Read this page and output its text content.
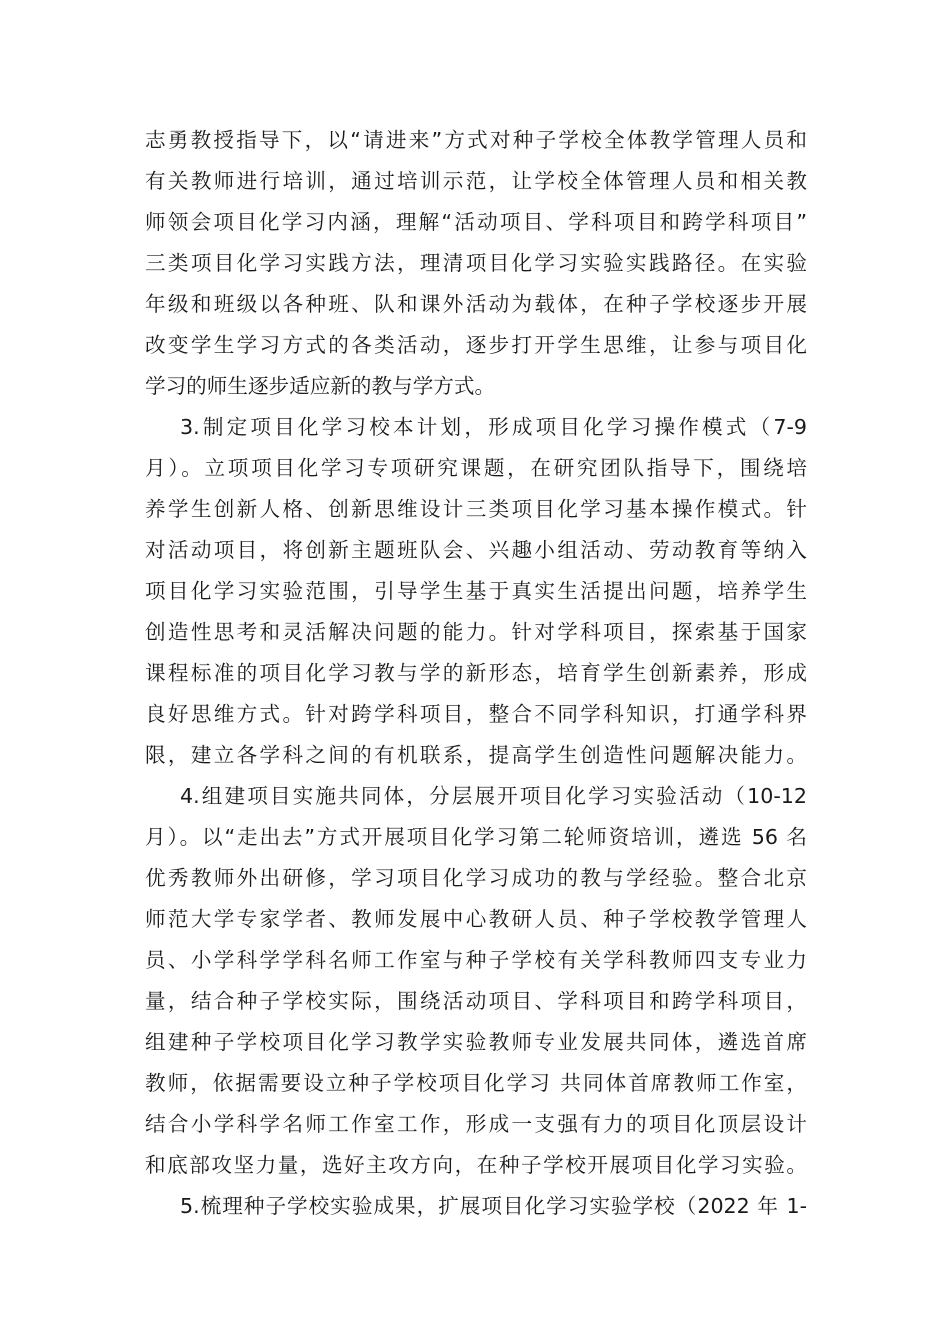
志勇教授指导下，以“请进来”方式对种子学校全体教学管理人员和
有关教师进行培训，通过培训示范，让学校全体管理人员和相关教
师领会项目化学习内涵，理解“活动项目、学科项目和跨学科项目”
三类项目化学习实践方法，理清项目化学习实验实践路径。在实验
年级和班级以各种班、队和课外活动为载体，在种子学校逐步开展
改变学生学习方式的各类活动，逐步打开学生思维，让参与项目化
学习的师生逐步适应新的教与学方式。
3.制定项目化学习校本计划，形成项目化学习操作模式（7-9
月）。立项项目化学习专项研究课题，在研究团队指导下，围绕培
养学生创新人格、创新思维设计三类项目化学习基本操作模式。针
对活动项目，将创新主题班队会、兴趣小组活动、劳动教育等纳入
项目化学习实验范围，引导学生基于真实生活提出问题，培养学生
创造性思考和灵活解决问题的能力。针对学科项目，探索基于国家
课程标准的项目化学习教与学的新形态，培育学生创新素养，形成
良好思维方式。针对跨学科项目，整合不同学科知识，打通学科界
限，建立各学科之间的有机联系，提高学生创造性问题解决能力。
4.组建项目实施共同体，分层展开项目化学习实验活动（10-12
月）。以“走出去”方式开展项目化学习第二轮师资培训，遴选 56 名
优秀教师外出研修，学习项目化学习成功的教与学经验。整合北京
师范大学专家学者、教师发展中心教研人员、种子学校教学管理人
员、小学科学学科名师工作室与种子学校有关学科教师四支专业力
量，结合种子学校实际，围绕活动项目、学科项目和跨学科项目，
组建种子学校项目化学习教学实验教师专业发展共同体，遴选首席
教师，依据需要设立种子学校项目化学习 共同体首席教师工作室，
结合小学科学名师工作室工作，形成一支强有力的项目化顶层设计
和底部攻坚力量，选好主攻方向，在种子学校开展项目化学习实验。
5.梳理种子学校实验成果，扩展项目化学习实验学校（2022 年 1-
